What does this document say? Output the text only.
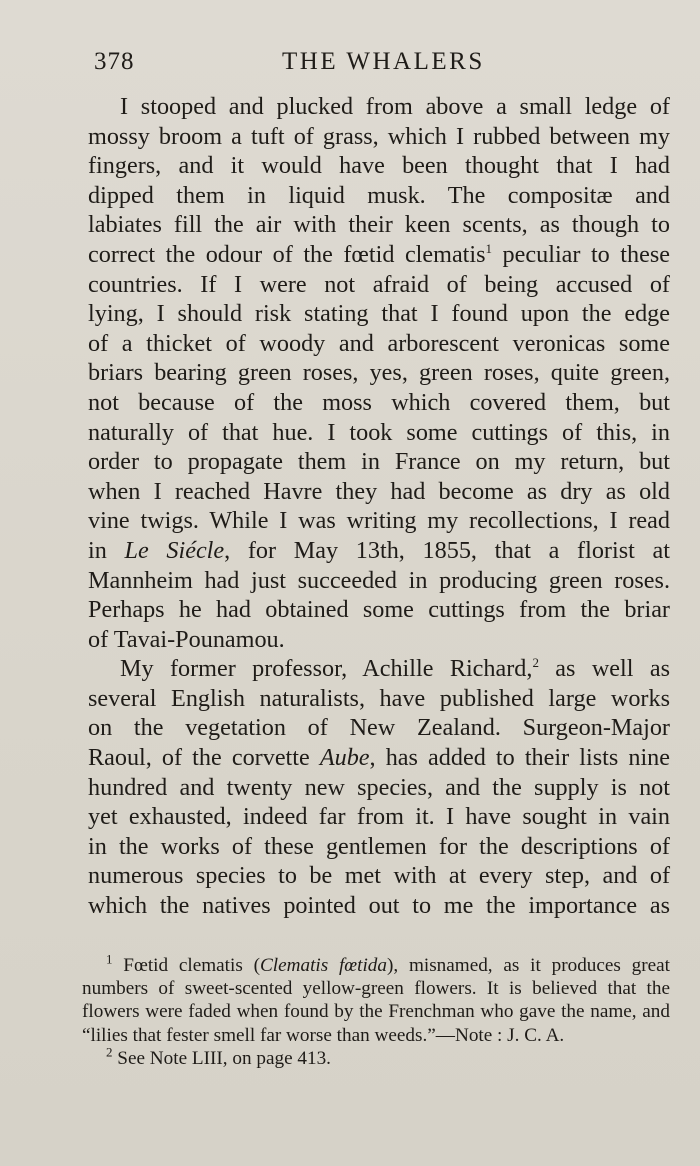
378	THE WHALERS
I stooped and plucked from above a small ledge of
mossy broom a tuft of grass, which I rubbed between my
fingers, and it would have been thought that I had
dipped them in liquid musk. The compositæ and
labiates fill the air with their keen scents, as though to
correct the odour of the fœtid clematis$^1$ peculiar to these
countries. If I were not afraid of being accused of
lying, I should risk stating that I found upon the edge
of a thicket of woody and arborescent veronicas some
briars bearing green roses, yes, green roses, quite green,
not because of the moss which covered them, but
naturally of that hue. I took some cuttings of this, in
order to propagate them in France on my return, but
when I reached Havre they had become as dry as old
vine twigs. While I was writing my recollections, I read
in Le Siécle, for May 13th, 1855, that a florist at
Mannheim had just succeeded in producing green roses.
Perhaps he had obtained some cuttings from the briar
of Tavai-Pounamou.
My former professor, Achille Richard,$^2$ as well as
several English naturalists, have published large works
on the vegetation of New Zealand. Surgeon-Major
Raoul, of the corvette Aube, has added to their lists nine
hundred and twenty new species, and the supply is not
yet exhausted, indeed far from it. I have sought in vain
in the works of these gentlemen for the descriptions of
numerous species to be met with at every step, and of
which the natives pointed out to me the importance as
$^1$ Fœtid clematis (Clematis fœtida), misnamed, as it produces great
numbers of sweet-scented yellow-green flowers. It is believed that the
flowers were faded when found by the Frenchman who gave the name, and
“lilies that fester smell far worse than weeds.”—Note : J. C. A.
$^2$ See Note LIII, on page 413.
